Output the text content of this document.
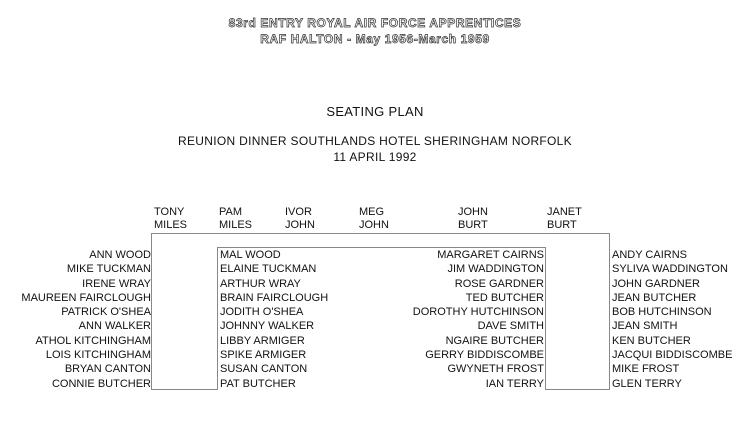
83rd ENTRY ROYAL AIR FORCE APPRENTICES
RAF HALTON - May 1956-March 1959
SEATING PLAN
REUNION DINNER SOUTHLANDS HOTEL SHERINGHAM NORFOLK
11 APRIL 1992
TONY
MILES
PAM
MILES
IVOR
JOHN
MEG
JOHN
JOHN
BURT
JANET
BURT
ANN WOOD
MIKE TUCKMAN
IRENE WRAY
MAUREEN FAIRCLOUGH
PATRICK O'SHEA
ANN WALKER
ATHOL KITCHINGHAM
LOIS KITCHINGHAM
BRYAN CANTON
CONNIE BUTCHER
MAL WOOD
ELAINE TUCKMAN
ARTHUR WRAY
BRAIN FAIRCLOUGH
JODITH O'SHEA
JOHNNY WALKER
LIBBY ARMIGER
SPIKE ARMIGER
SUSAN CANTON
PAT BUTCHER
MARGARET CAIRNS
JIM WADDINGTON
ROSE GARDNER
TED BUTCHER
DOROTHY HUTCHINSON
DAVE SMITH
NGAIRE BUTCHER
GERRY BIDDISCOMBE
GWYNETH FROST
IAN TERRY
ANDY CAIRNS
SYLIVA WADDINGTON
JOHN GARDNER
JEAN BUTCHER
BOB HUTCHINSON
JEAN SMITH
KEN BUTCHER
JACQUI BIDDISCOMBE
MIKE FROST
GLEN TERRY
